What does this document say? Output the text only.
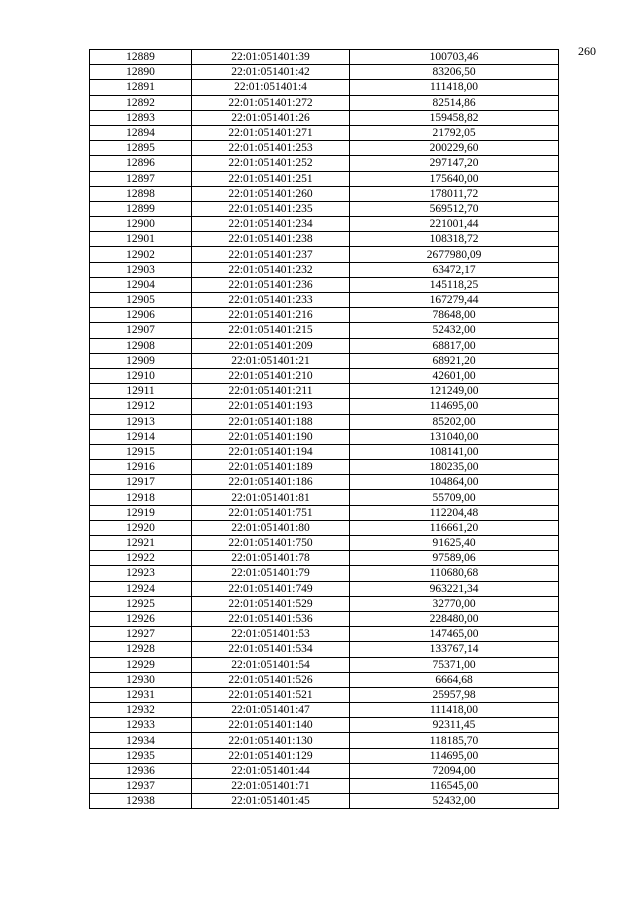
260
12889	22:01:051401:39	100703,46
12890	22:01:051401:42	83206,50
12891	22:01:051401:4	111418,00
12892	22:01:051401:272	82514,86
12893	22:01:051401:26	159458,82
12894	22:01:051401:271	21792,05
12895	22:01:051401:253	200229,60
12896	22:01:051401:252	297147,20
12897	22:01:051401:251	175640,00
12898	22:01:051401:260	178011,72
12899	22:01:051401:235	569512,70
12900	22:01:051401:234	221001,44
12901	22:01:051401:238	108318,72
12902	22:01:051401:237	2677980,09
12903	22:01:051401:232	63472,17
12904	22:01:051401:236	145118,25
12905	22:01:051401:233	167279,44
12906	22:01:051401:216	78648,00
12907	22:01:051401:215	52432,00
12908	22:01:051401:209	68817,00
12909	22:01:051401:21	68921,20
12910	22:01:051401:210	42601,00
12911	22:01:051401:211	121249,00
12912	22:01:051401:193	114695,00
12913	22:01:051401:188	85202,00
12914	22:01:051401:190	131040,00
12915	22:01:051401:194	108141,00
12916	22:01:051401:189	180235,00
12917	22:01:051401:186	104864,00
12918	22:01:051401:81	55709,00
12919	22:01:051401:751	112204,48
12920	22:01:051401:80	116661,20
12921	22:01:051401:750	91625,40
12922	22:01:051401:78	97589,06
12923	22:01:051401:79	110680,68
12924	22:01:051401:749	963221,34
12925	22:01:051401:529	32770,00
12926	22:01:051401:536	228480,00
12927	22:01:051401:53	147465,00
12928	22:01:051401:534	133767,14
12929	22:01:051401:54	75371,00
12930	22:01:051401:526	6664,68
12931	22:01:051401:521	25957,98
12932	22:01:051401:47	111418,00
12933	22:01:051401:140	92311,45
12934	22:01:051401:130	118185,70
12935	22:01:051401:129	114695,00
12936	22:01:051401:44	72094,00
12937	22:01:051401:71	116545,00
12938	22:01:051401:45	52432,00
